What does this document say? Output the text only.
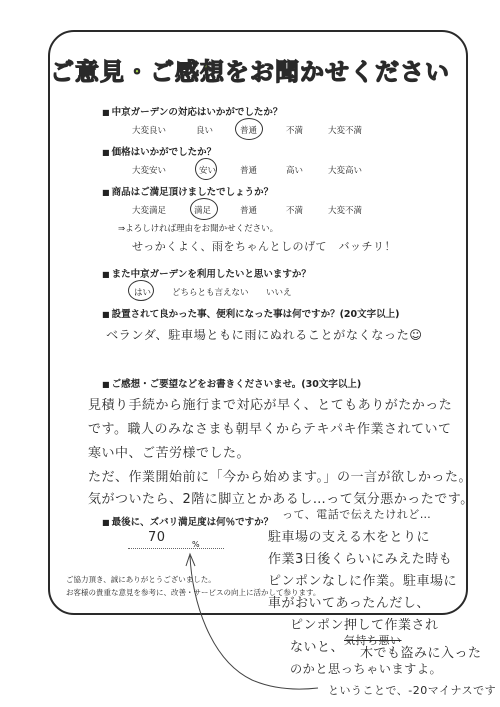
ご意見・ご感想をお聞かせください
■ 中京ガーデンの対応はいかがでしたか？
大変良い	良い	普通	不満	大変不満
■ 価格はいかがでしたか？
大変安い	安い	普通	高い	大変高い
■ 商品はご満足頂けましたでしょうか？
大変満足	満足	普通	不満	大変不満
⇒よろしければ理由をお聞かせください。
せっかくよく、雨をちゃんとしのげて　バッチリ！
■ また中京ガーデンを利用したいと思いますか？
はい どちらとも言えない いいえ
■ 設置されて良かった事、便利になった事は何ですか？(20文字以上)
ベランダ、駐車場ともに雨にぬれることがなくなった☺
■ ご感想・ご要望などをお書きくださいませ。(30文字以上)
見積り手続から施行まで対応が早く、とてもありがたかった
です。職人のみなさまも朝早くからテキパキ作業されていて
寒い中、ご苦労様でした。
ただ、作業開始前に「今から始めます。」の一言が欲しかった。
気がついたら、2階に脚立とかあるし…って気分悪かったです。
■ 最後に、ズバリ満足度は何％ですか？
70	%
って、電話で伝えたけれど…
駐車場の支える木をとりに
作業3日後くらいにみえた時も
ピンポンなしに作業。駐車場に
車がおいてあったんだし、
ピンポン押して作業され
ないと、 気持ち悪い
木でも盗みに入った
のかと思っちゃいますよ。
ということで、-20マイナスです
ご協力頂き、誠にありがとうございました。
お客様の貴重な意見を参考に、改善・サービスの向上に活かして参ります。
